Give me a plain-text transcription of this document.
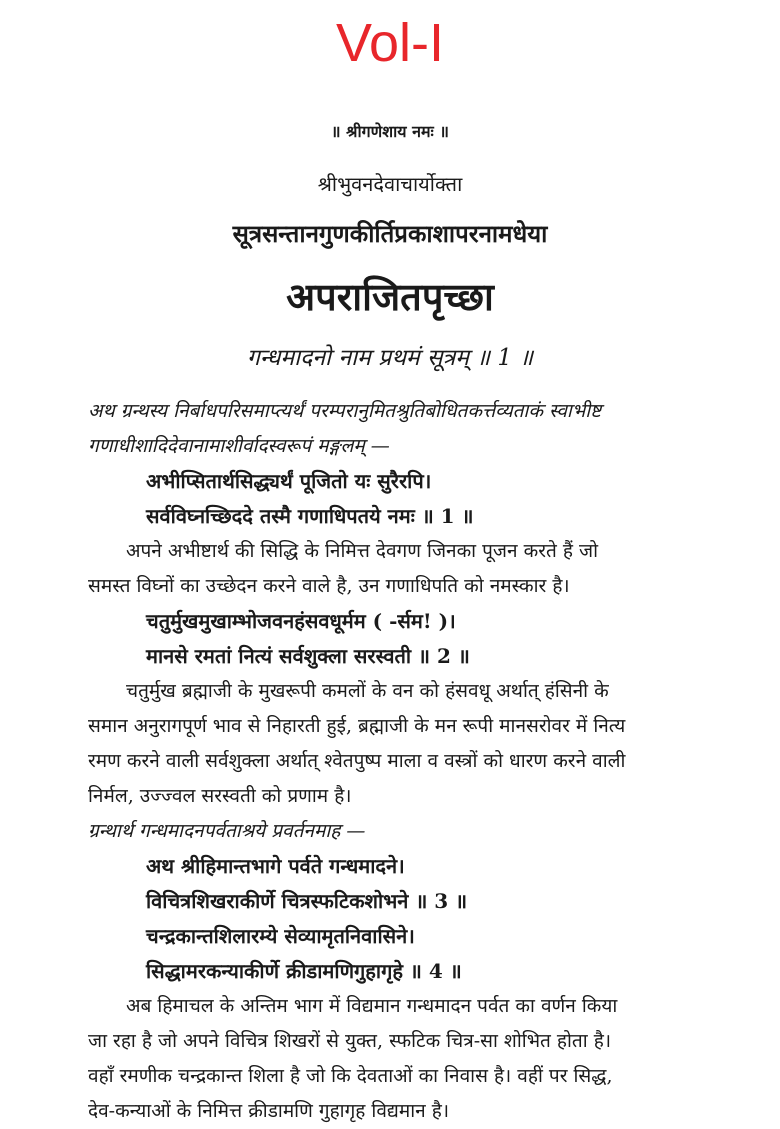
Vol-I
॥ श्रीगणेशाय नमः ॥
श्रीभुवनदेवाचार्योक्ता
सूत्रसन्तानगुणकीर्तिप्रकाशापरनामधेया
अपराजितपृच्छा
गन्धमादनो नाम प्रथमं सूत्रम् ॥ 1 ॥
अथ ग्रन्थस्य निर्बाधपरिसमाप्त्यर्थं परम्परानुमितश्रुतिबोधितकर्त्तव्यताकं स्वाभीष्ट
गणाधीशादिदेवानामाशीर्वादस्वरूपं मङ्गलम् —
अभीप्सितार्थसिद्ध्यर्थं पूजितो यः सुरैरपि।
सर्वविघ्नच्छिददे तस्मै गणाधिपतये नमः ॥ 1 ॥
अपने अभीष्टार्थ की सिद्धि के निमित्त देवगण जिनका पूजन करते हैं जो
समस्त विघ्नों का उच्छेदन करने वाले है, उन गणाधिपति को नमस्कार है।
चतुर्मुखमुखाम्भोजवनहंसवधूर्मम ( -र्सम! )।
मानसे रमतां नित्यं सर्वशुक्ला सरस्वती ॥ 2 ॥
चतुर्मुख ब्रह्माजी के मुखरूपी कमलों के वन को हंसवधू अर्थात् हंसिनी के
समान अनुरागपूर्ण भाव से निहारती हुई, ब्रह्माजी के मन रूपी मानसरोवर में नित्य
रमण करने वाली सर्वशुक्ला अर्थात् श्वेतपुष्प माला व वस्त्रों को धारण करने वाली
निर्मल, उज्ज्वल सरस्वती को प्रणाम है।
ग्रन्थार्थ गन्धमादनपर्वताश्रये प्रवर्तनमाह —
अथ श्रीहिमान्तभागे पर्वते गन्धमादने।
विचित्रशिखराकीर्णे चित्रस्फटिकशोभने ॥ 3 ॥
चन्द्रकान्तशिलारम्ये सेव्यामृतनिवासिने।
सिद्धामरकन्याकीर्णे क्रीडामणिगुहागृहे ॥ 4 ॥
अब हिमाचल के अन्तिम भाग में विद्यमान गन्धमादन पर्वत का वर्णन किया
जा रहा है जो अपने विचित्र शिखरों से युक्त, स्फटिक चित्र-सा शोभित होता है।
वहाँ रमणीक चन्द्रकान्त शिला है जो कि देवताओं का निवास है। वहीं पर सिद्ध,
देव-कन्याओं के निमित्त क्रीडामणि गुहागृह विद्यमान है।
